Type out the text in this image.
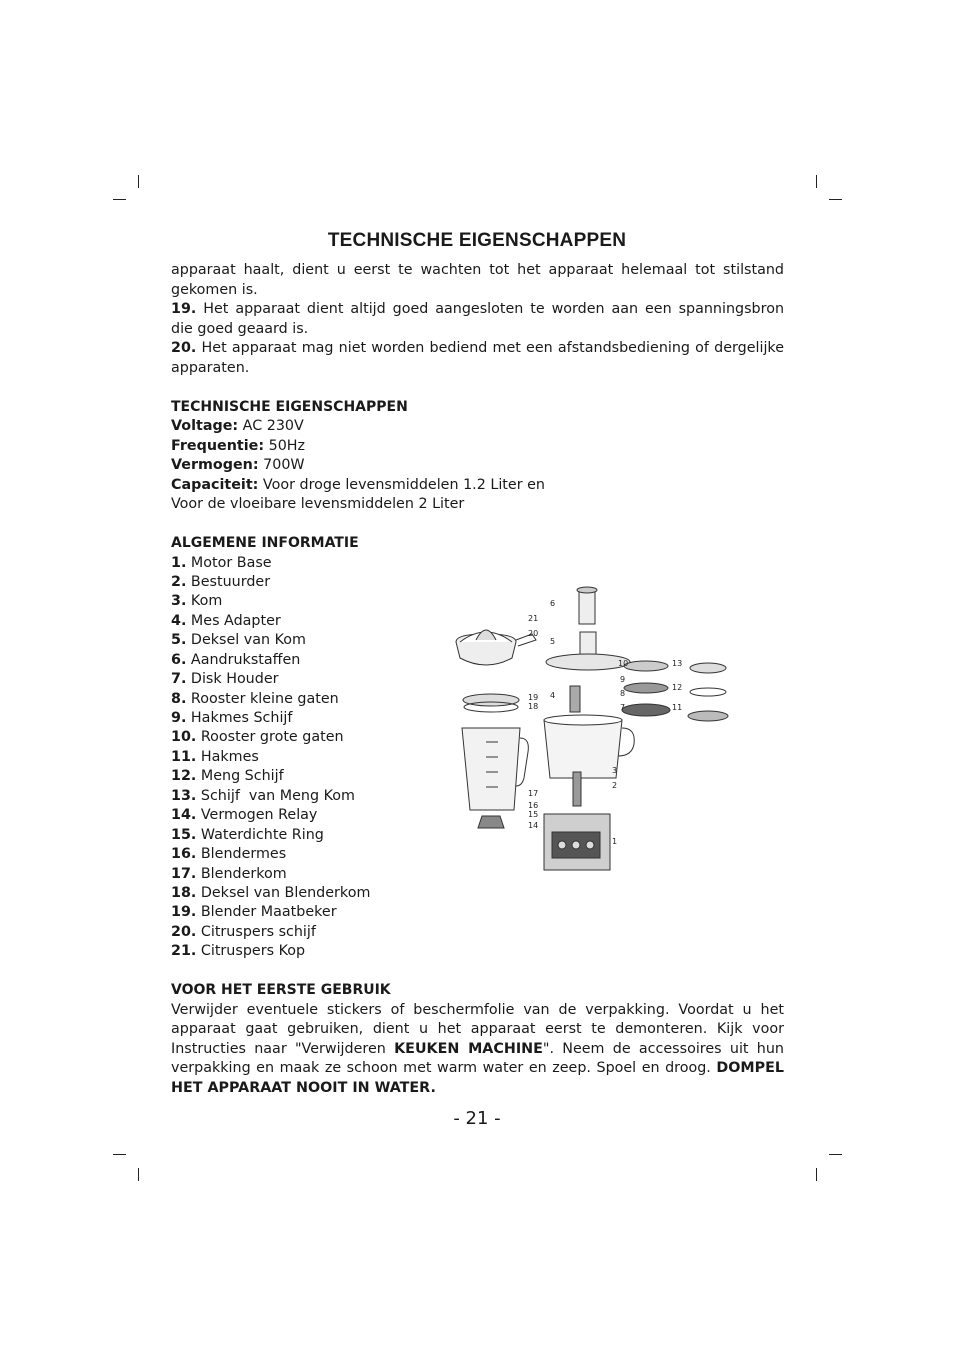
TECHNISCHE EIGENSCHAPPEN

apparaat haalt, dient u eerst te wachten tot het apparaat helemaal tot stilstand gekomen is.

19. Het apparaat dient altijd goed aangesloten te worden aan een spanningsbron die goed geaard is.

20. Het apparaat mag niet worden bediend met een afstandsbediening of dergelijke apparaten.

TECHNISCHE EIGENSCHAPPEN

Voltage: AC 230V

Frequentie: 50Hz

Vermogen: 700W

Capaciteit: Voor droge levensmiddelen 1.2 Liter en

Voor de vloeibare levensmiddelen 2 Liter

ALGEMENE INFORMATIE

1. Motor Base
2. Bestuurder
3. Kom
4. Mes Adapter
5. Deksel van Kom
6. Aandrukstaffen
7. Disk Houder
8. Rooster kleine gaten
9. Hakmes Schijf
10. Rooster grote gaten
11. Hakmes
12. Meng Schijf
13. Schijf  van Meng Kom
14. Vermogen Relay
15. Waterdichte Ring
16. Blendermes
17. Blenderkom
18. Deksel van Blenderkom
19. Blender Maatbeker
20. Citruspers schijf
21. Citruspers Kop

VOOR HET EERSTE GEBRUIK

Verwijder eventuele stickers of beschermfolie van de verpakking. Voordat u het apparaat gaat gebruiken, dient u het apparaat eerst te demonteren. Kijk voor Instructies naar "Verwijderen KEUKEN MACHINE". Neem de accessoires uit hun verpakking en maak ze schoon met warm water en zeep. Spoel en droog. DOMPEL HET APPARAAT NOOIT IN WATER.

6
5
4
10
9
8
7
13
12
11
21
20
19
18
17
16
15
14
3
2
1
- 21 -
